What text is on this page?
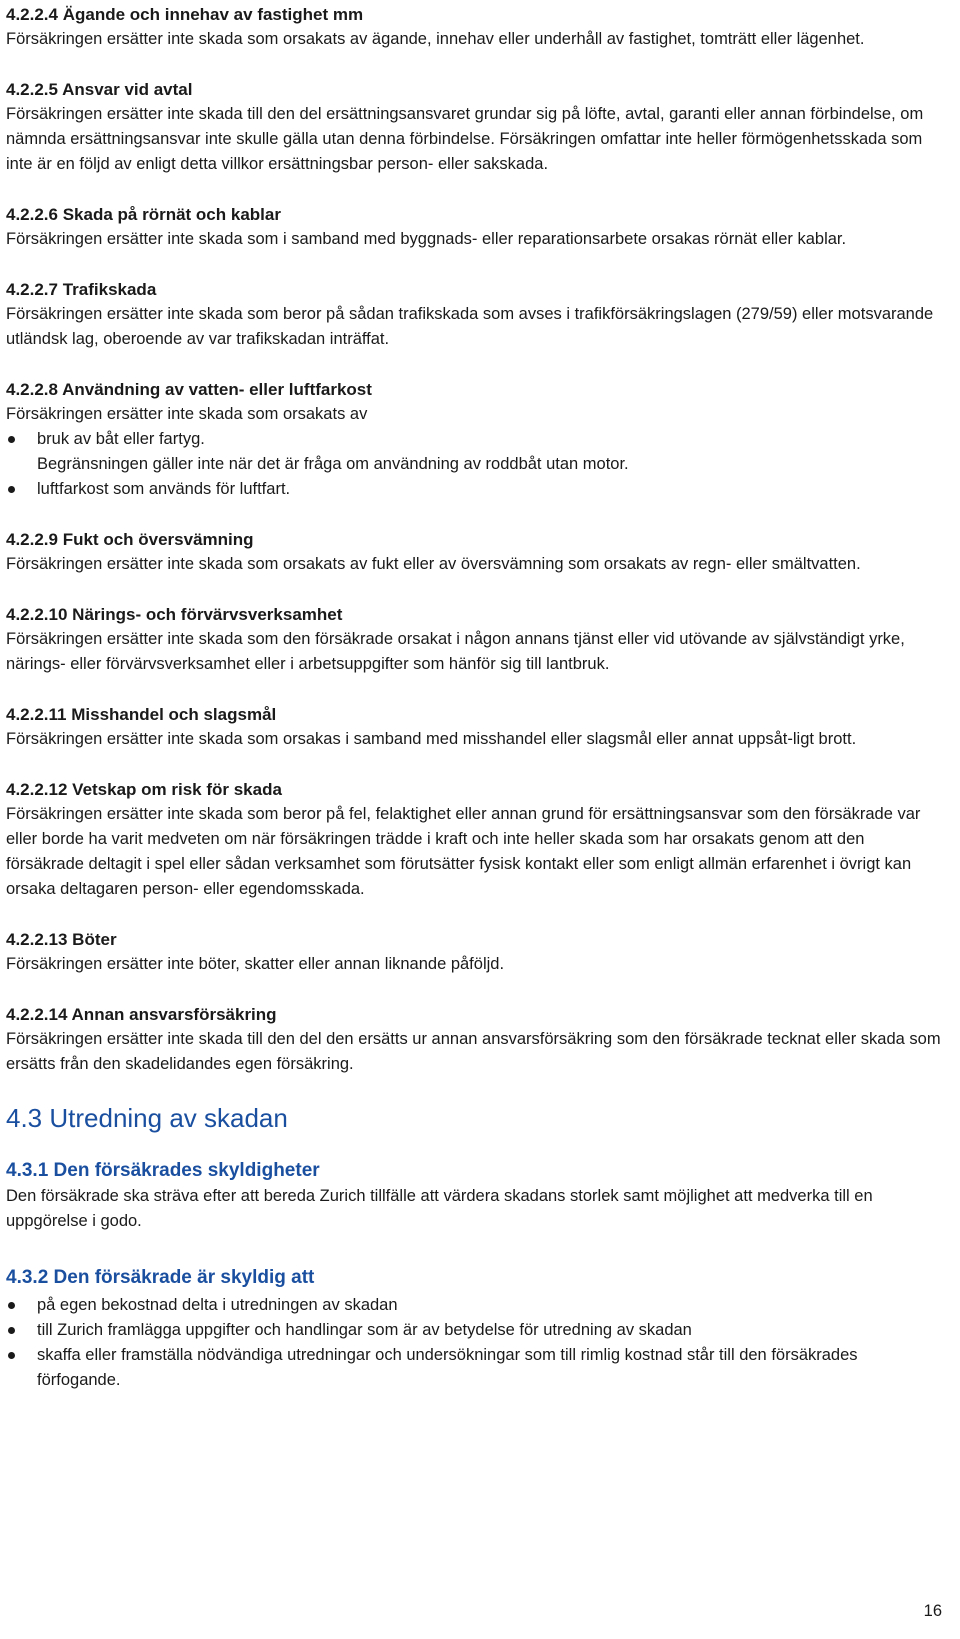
4.2.2.4 Ägande och innehav av fastighet mm

Försäkringen ersätter inte skada som orsakats av ägande, innehav eller underhåll av fastighet, tomträtt eller lägenhet.

4.2.2.5 Ansvar vid avtal

Försäkringen ersätter inte skada till den del ersättningsansvaret grundar sig på löfte, avtal, garanti eller annan förbindelse, om nämnda ersättningsansvar inte skulle gälla utan denna förbindelse. Försäkringen omfattar inte heller förmögenhetsskada som inte är en följd av enligt detta villkor ersättningsbar person- eller sakskada.

4.2.2.6 Skada på rörnät och kablar

Försäkringen ersätter inte skada som i samband med byggnads- eller reparationsarbete orsakas rörnät eller kablar.

4.2.2.7 Trafikskada

Försäkringen ersätter inte skada som beror på sådan trafikskada som avses i trafikförsäkringslagen (279/59) eller motsvarande utländsk lag, oberoende av var trafikskadan inträffat.

4.2.2.8 Användning av vatten- eller luftfarkost

Försäkringen ersätter inte skada som orsakats av

bruk av båt eller fartyg.
Begränsningen gäller inte när det är fråga om användning av roddbåt utan motor.
luftfarkost som används för luftfart.
4.2.2.9 Fukt och översvämning

Försäkringen ersätter inte skada som orsakats av fukt eller av översvämning som orsakats av regn- eller smältvatten.

4.2.2.10 Närings- och förvärvsverksamhet

Försäkringen ersätter inte skada som den försäkrade orsakat i någon annans tjänst eller vid utövande av självständigt yrke, närings- eller förvärvsverksamhet eller i arbetsuppgifter som hänför sig till lantbruk.

4.2.2.11 Misshandel och slagsmål

Försäkringen ersätter inte skada som orsakas i samband med misshandel eller slagsmål eller annat uppsåt-ligt brott.

4.2.2.12 Vetskap om risk för skada

Försäkringen ersätter inte skada som beror på fel, felaktighet eller annan grund för ersättningsansvar som den försäkrade var eller borde ha varit medveten om när försäkringen trädde i kraft och inte heller skada som har orsakats genom att den försäkrade deltagit i spel eller sådan verksamhet som förutsätter fysisk kontakt eller som enligt allmän erfarenhet i övrigt kan orsaka deltagaren person- eller egendomsskada.

4.2.2.13 Böter

Försäkringen ersätter inte böter, skatter eller annan liknande påföljd.

4.2.2.14 Annan ansvarsförsäkring

Försäkringen ersätter inte skada till den del den ersätts ur annan ansvarsförsäkring som den försäkrade tecknat eller skada som ersätts från den skadelidandes egen försäkring.

4.3 Utredning av skadan
4.3.1 Den försäkrades skyldigheter

Den försäkrade ska sträva efter att bereda Zurich tillfälle att värdera skadans storlek samt möjlighet att medverka till en uppgörelse i godo.

4.3.2 Den försäkrade är skyldig att
på egen bekostnad delta i utredningen av skadan
till Zurich framlägga uppgifter och handlingar som är av betydelse för utredning av skadan
skaffa eller framställa nödvändiga utredningar och undersökningar som till rimlig kostnad står till den försäkrades förfogande.
16
